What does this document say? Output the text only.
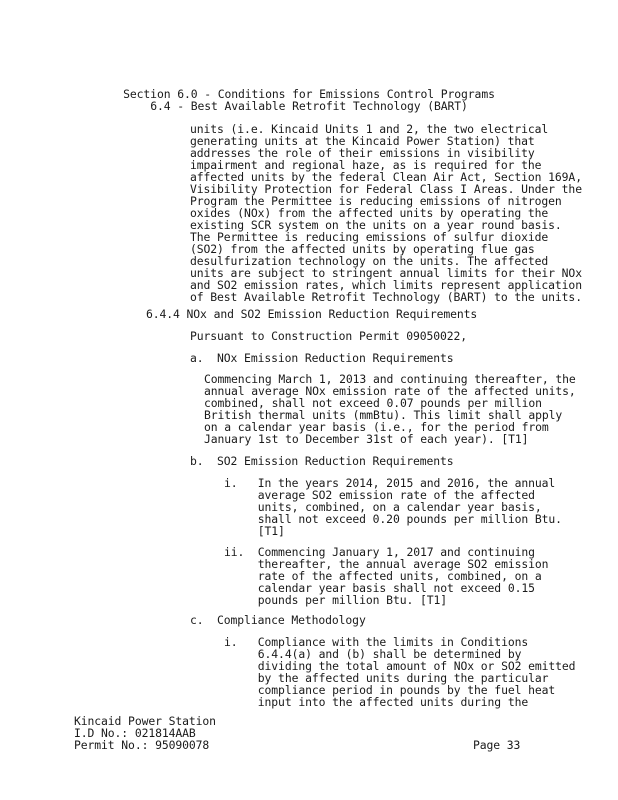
Section 6.0 - Conditions for Emissions Control Programs
6.4 - Best Available Retrofit Technology (BART)
units (i.e. Kincaid Units 1 and 2, the two electrical
generating units at the Kincaid Power Station) that
addresses the role of their emissions in visibility
impairment and regional haze, as is required for the
affected units by the federal Clean Air Act, Section 169A,
Visibility Protection for Federal Class I Areas. Under the
Program the Permittee is reducing emissions of nitrogen
oxides (NOx) from the affected units by operating the
existing SCR system on the units on a year round basis.
The Permittee is reducing emissions of sulfur dioxide
(SO2) from the affected units by operating flue gas
desulfurization technology on the units. The affected
units are subject to stringent annual limits for their NOx
and SO2 emission rates, which limits represent application
of Best Available Retrofit Technology (BART) to the units.
6.4.4 NOx and SO2 Emission Reduction Requirements
Pursuant to Construction Permit 09050022,
a.  NOx Emission Reduction Requirements
Commencing March 1, 2013 and continuing thereafter, the
annual average NOx emission rate of the affected units,
combined, shall not exceed 0.07 pounds per million
British thermal units (mmBtu). This limit shall apply
on a calendar year basis (i.e., for the period from
January 1st to December 31st of each year). [T1]
b.  SO2 Emission Reduction Requirements
i.   In the years 2014, 2015 and 2016, the annual
average SO2 emission rate of the affected
units, combined, on a calendar year basis,
shall not exceed 0.20 pounds per million Btu.
[T1]
ii.  Commencing January 1, 2017 and continuing
thereafter, the annual average SO2 emission
rate of the affected units, combined, on a
calendar year basis shall not exceed 0.15
pounds per million Btu. [T1]
c.  Compliance Methodology
i.   Compliance with the limits in Conditions
6.4.4(a) and (b) shall be determined by
dividing the total amount of NOx or SO2 emitted
by the affected units during the particular
compliance period in pounds by the fuel heat
input into the affected units during the
Kincaid Power Station
I.D No.: 021814AAB
Permit No.: 95090078	Page 33
